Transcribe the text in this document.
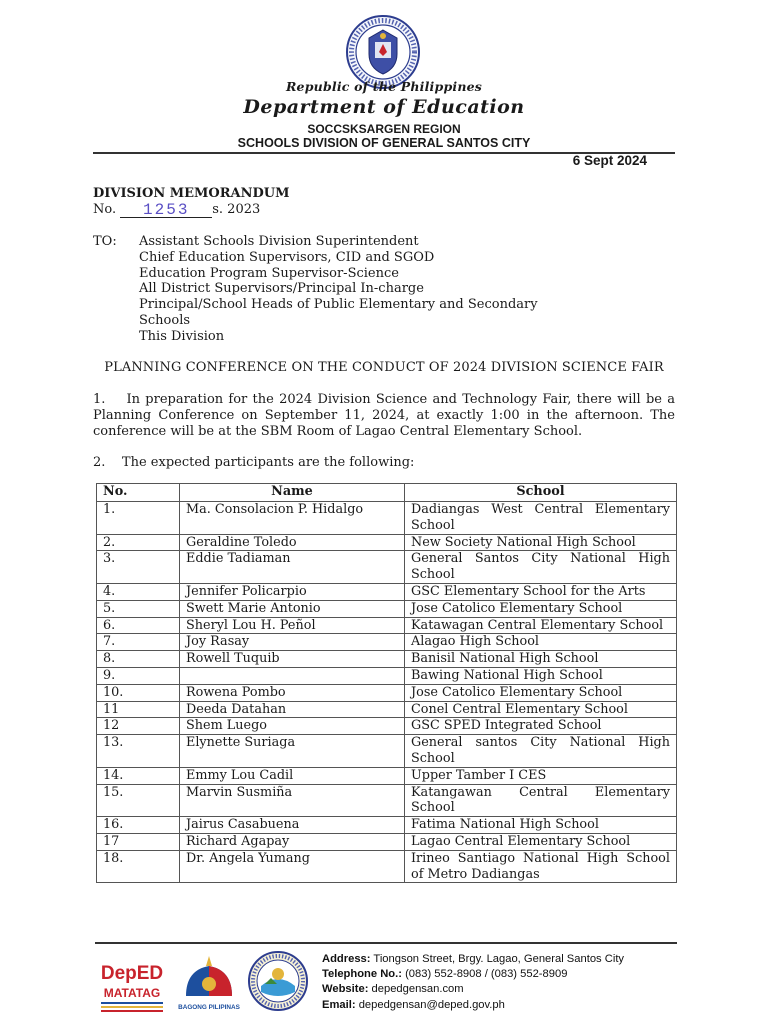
Republic of the Philippines
Department of Education
SOCCSKSARGEN REGION
SCHOOLS DIVISION OF GENERAL SANTOS CITY
6 Sept 2024
DIVISION MEMORANDUM
No. 1253 s. 2023
TO: Assistant Schools Division Superintendent
Chief Education Supervisors, CID and SGOD
Education Program Supervisor-Science
All District Supervisors/Principal In-charge
Principal/School Heads of Public Elementary and Secondary
Schools
This Division
PLANNING CONFERENCE ON THE CONDUCT OF 2024 DIVISION SCIENCE FAIR
1.    In preparation for the 2024 Division Science and Technology Fair, there will be a Planning Conference on September 11, 2024, at exactly 1:00 in the afternoon. The conference will be at the SBM Room of Lagao Central Elementary School.
2.    The expected participants are the following:
No.	Name	School
1.	Ma. Consolacion P. Hidalgo	Dadiangas West Central Elementary School
2.	Geraldine Toledo	New Society National High School
3.	Eddie Tadiaman	General Santos City National High School
4.	Jennifer Policarpio	GSC Elementary School for the Arts
5.	Swett Marie Antonio	Jose Catolico Elementary School
6.	Sheryl Lou H. Peñol	Katawagan Central Elementary School
7.	Joy Rasay	Alagao High School
8.	Rowell Tuquib	Banisil National High School
9.		Bawing National High School
10.	Rowena Pombo	Jose Catolico Elementary School
11	Deeda Datahan	Conel Central Elementary School
12	Shem Luego	GSC SPED Integrated School
13.	Elynette Suriaga	General santos City National High School
14.	Emmy Lou Cadil	Upper Tamber I CES
15.	Marvin Susmiña	Katangawan Central Elementary School
16.	Jairus Casabuena	Fatima National High School
17	Richard Agapay	Lagao Central Elementary School
18.	Dr. Angela Yumang	Irineo Santiago National High School of Metro Dadiangas
DepED
MATATAG
BAGONG PILIPINAS
Address: Tiongson Street, Brgy. Lagao, General Santos City
Telephone No.: (083) 552-8908 / (083) 552-8909
Website: depedgensan.com
Email: depedgensan@deped.gov.ph
